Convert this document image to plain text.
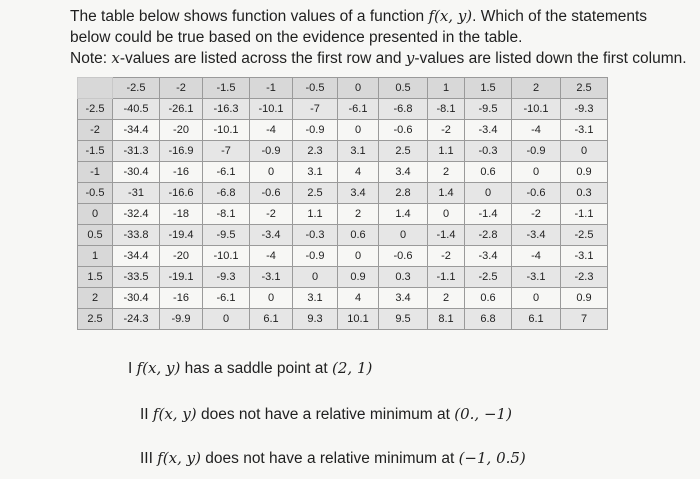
The table below shows function values of a function f(x, y). Which of the statements

below could be true based on the evidence presented in the table.

Note: x-values are listed across the first row and y-values are listed down the first column.

	-2.5	-2	-1.5	-1	-0.5	0	0.5	1	1.5	2	2.5
-2.5	-40.5	-26.1	-16.3	-10.1	-7	-6.1	-6.8	-8.1	-9.5	-10.1	-9.3
-2	-34.4	-20	-10.1	-4	-0.9	0	-0.6	-2	-3.4	-4	-3.1
-1.5	-31.3	-16.9	-7	-0.9	2.3	3.1	2.5	1.1	-0.3	-0.9	0
-1	-30.4	-16	-6.1	0	3.1	4	3.4	2	0.6	0	0.9
-0.5	-31	-16.6	-6.8	-0.6	2.5	3.4	2.8	1.4	0	-0.6	0.3
0	-32.4	-18	-8.1	-2	1.1	2	1.4	0	-1.4	-2	-1.1
0.5	-33.8	-19.4	-9.5	-3.4	-0.3	0.6	0	-1.4	-2.8	-3.4	-2.5
1	-34.4	-20	-10.1	-4	-0.9	0	-0.6	-2	-3.4	-4	-3.1
1.5	-33.5	-19.1	-9.3	-3.1	0	0.9	0.3	-1.1	-2.5	-3.1	-2.3
2	-30.4	-16	-6.1	0	3.1	4	3.4	2	0.6	0	0.9
2.5	-24.3	-9.9	0	6.1	9.3	10.1	9.5	8.1	6.8	6.1	7
I f(x, y) has a saddle point at (2, 1)
II f(x, y) does not have a relative minimum at (0., −1)
III f(x, y) does not have a relative minimum at (−1, 0.5)
